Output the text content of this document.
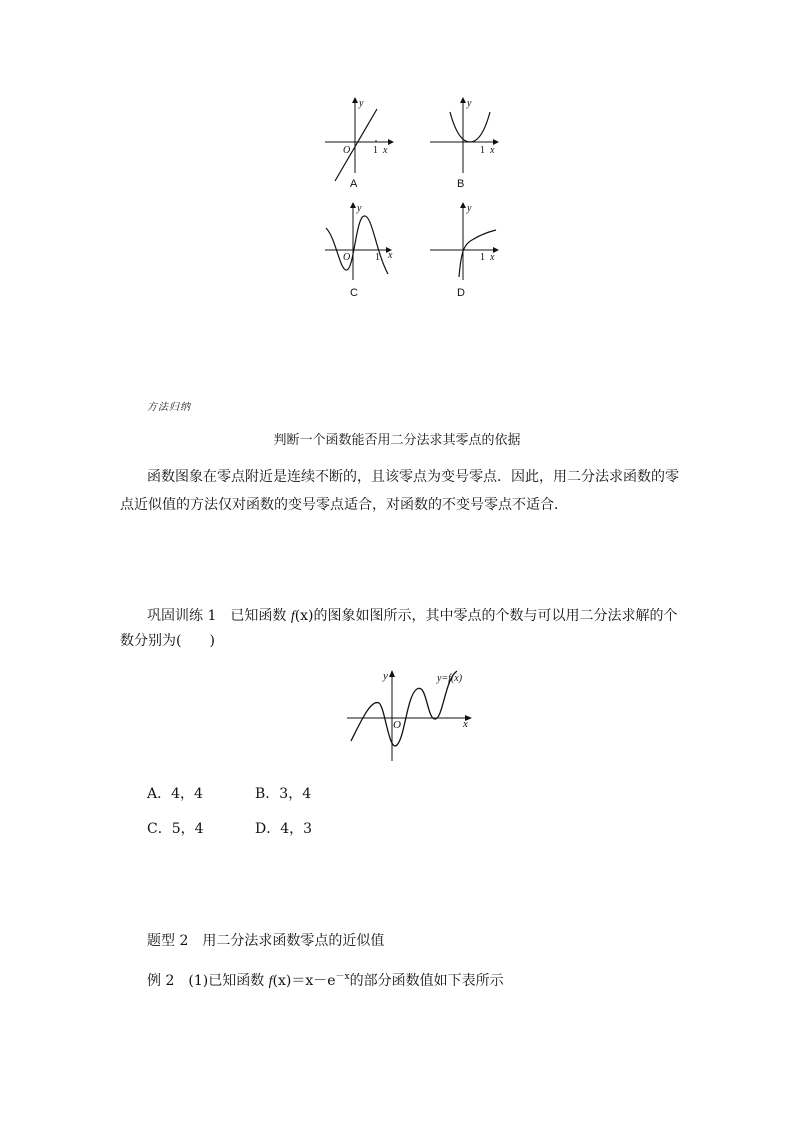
y
O 1 x
A
y
1 x
B
y
O 1 x
C
y
1 x
D
方法归纳
判断一个函数能否用二分法求其零点的依据
函数图象在零点附近是连续不断的，且该零点为变号零点．因此，用二分法求函数的零
点近似值的方法仅对函数的变号零点适合，对函数的不变号零点不适合．
巩固训练 1　已知函数 f(x)的图象如图所示，其中零点的个数与可以用二分法求解的个
数分别为(　　)
y
O	x
y=f(x)
A．4，4	B．3，4
C．5，4	D．4，3
题型 2　用二分法求函数零点的近似值
例 2　(1)已知函数 $f(x)=x-e^{-x}$的部分函数值如下表所示
